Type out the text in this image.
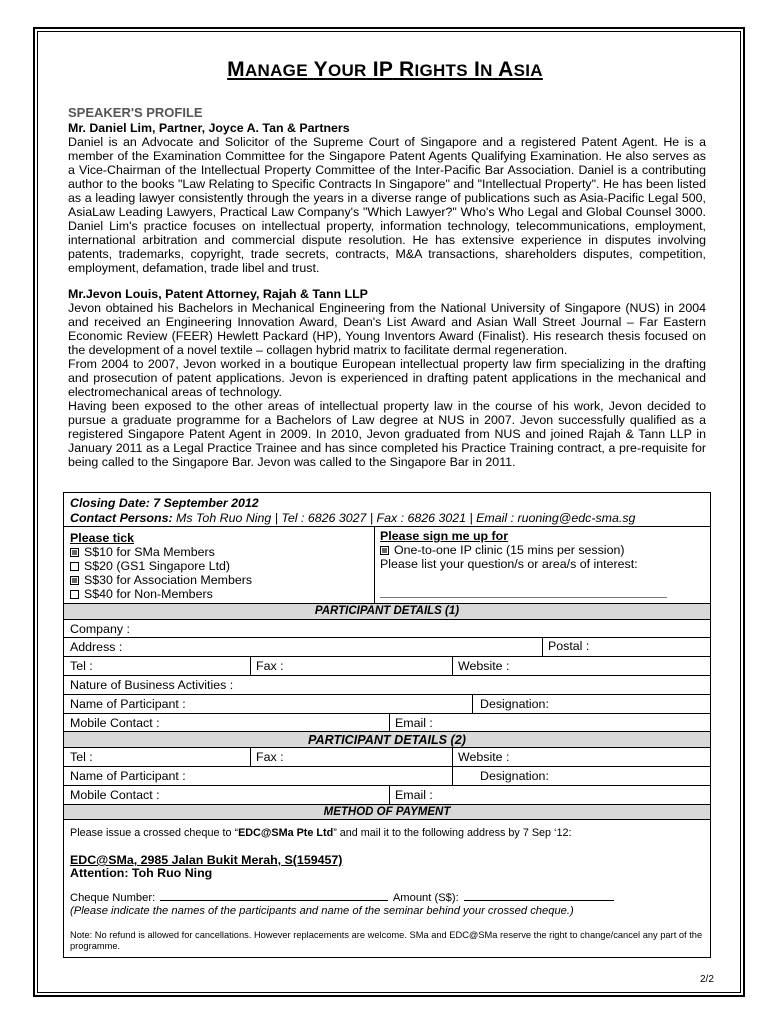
MANAGE YOUR IP RIGHTS IN ASIA
SPEAKER'S PROFILE
Mr. Daniel Lim, Partner, Joyce A. Tan & Partners
Daniel is an Advocate and Solicitor of the Supreme Court of Singapore and a registered Patent Agent. He is a member of the Examination Committee for the Singapore Patent Agents Qualifying Examination. He also serves as a Vice-Chairman of the Intellectual Property Committee of the Inter-Pacific Bar Association. Daniel is a contributing author to the books "Law Relating to Specific Contracts In Singapore" and "Intellectual Property". He has been listed as a leading lawyer consistently through the years in a diverse range of publications such as Asia-Pacific Legal 500, AsiaLaw Leading Lawyers, Practical Law Company's "Which Lawyer?" Who's Who Legal and Global Counsel 3000. Daniel Lim's practice focuses on intellectual property, information technology, telecommunications, employment, international arbitration and commercial dispute resolution. He has extensive experience in disputes involving patents, trademarks, copyright, trade secrets, contracts, M&A transactions, shareholders disputes, competition, employment, defamation, trade libel and trust.
Mr.Jevon Louis, Patent Attorney, Rajah & Tann LLP
Jevon obtained his Bachelors in Mechanical Engineering from the National University of Singapore (NUS) in 2004 and received an Engineering Innovation Award, Dean's List Award and Asian Wall Street Journal – Far Eastern Economic Review (FEER) Hewlett Packard (HP), Young Inventors Award (Finalist). His research thesis focused on the development of a novel textile – collagen hybrid matrix to facilitate dermal regeneration.
From 2004 to 2007, Jevon worked in a boutique European intellectual property law firm specializing in the drafting and prosecution of patent applications. Jevon is experienced in drafting patent applications in the mechanical and electromechanical areas of technology.
Having been exposed to the other areas of intellectual property law in the course of his work, Jevon decided to pursue a graduate programme for a Bachelors of Law degree at NUS in 2007. Jevon successfully qualified as a registered Singapore Patent Agent in 2009. In 2010, Jevon graduated from NUS and joined Rajah & Tann LLP in January 2011 as a Legal Practice Trainee and has since completed his Practice Training contract, a pre-requisite for being called to the Singapore Bar. Jevon was called to the Singapore Bar in 2011.
Closing Date: 7 September 2012
Contact Persons: Ms Toh Ruo Ning | Tel : 6826 3027 | Fax : 6826 3021 | Email : ruoning@edc-sma.sg
Please tick
S$10 for SMa Members
S$20 (GS1 Singapore Ltd)
S$30 for Association Members
S$40 for Non-Members
Please sign me up for
One-to-one IP clinic (15 mins per session)
Please list your question/s or area/s of interest:
PARTICIPANT DETAILS (1)
Company :
Address :	Postal :
Tel :	Fax :	Website :
Nature of Business Activities :
Name of Participant :	Designation:
Mobile Contact :	Email :
PARTICIPANT DETAILS (2)
Tel :	Fax :	Website :
Name of Participant :	Designation:
Mobile Contact :	Email :
METHOD OF PAYMENT
Please issue a crossed cheque to “EDC@SMa Pte Ltd” and mail it to the following address by 7 Sep ‘12:
EDC@SMa, 2985 Jalan Bukit Merah, S(159457)
Attention: Toh Ruo Ning
Cheque Number:	Amount (S$):
(Please indicate the names of the participants and name of the seminar behind your crossed cheque.)
Note: No refund is allowed for cancellations. However replacements are welcome. SMa and EDC@SMa reserve the right to change/cancel any part of the programme.
2/2
